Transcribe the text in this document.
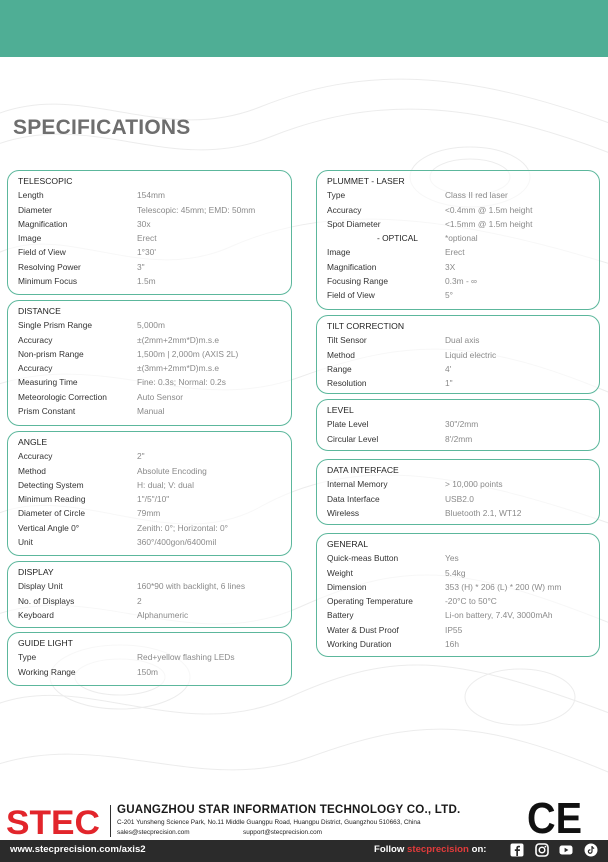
SPECIFICATIONS
TELESCOPIC
Length	154mm
Diameter	Telescopic: 45mm; EMD: 50mm
Magnification	30x
Image	Erect
Field of View	1°30'
Resolving Power	3"
Minimum Focus	1.5m
DISTANCE
Single Prism Range	5,000m
Accuracy	±(2mm+2mm*D)m.s.e
Non-prism Range	1,500m | 2,000m (AXIS 2L)
Accuracy	±(3mm+2mm*D)m.s.e
Measuring Time	Fine: 0.3s; Normal: 0.2s
Meteorologic Correction	Auto Sensor
Prism Constant	Manual
ANGLE
Accuracy	2"
Method	Absolute Encoding
Detecting System	H: dual; V: dual
Minimum Reading	1"/5"/10"
Diameter of Circle	79mm
Vertical Angle 0°	Zenith: 0°; Horizontal: 0°
Unit	360°/400gon/6400mil
DISPLAY
Display Unit	160*90 with backlight, 6 lines
No. of Displays	2
Keyboard	Alphanumeric
GUIDE LIGHT
Type	Red+yellow flashing LEDs
Working Range	150m
PLUMMET - LASER
Type	Class II red laser
Accuracy	<0.4mm @ 1.5m height
Spot Diameter	<1.5mm @ 1.5m height
- OPTICAL	*optional
Image	Erect
Magnification	3X
Focusing Range	0.3m - ∞
Field of View	5°
TILT CORRECTION
Tilt Sensor	Dual axis
Method	Liquid electric
Range	4'
Resolution	1"
LEVEL
Plate Level	30"/2mm
Circular Level	8'/2mm
DATA INTERFACE
Internal Memory	> 10,000 points
Data Interface	USB2.0
Wireless	Bluetooth 2.1, WT12
GENERAL
Quick-meas Button	Yes
Weight	5.4kg
Dimension	353 (H) * 206 (L) * 200 (W) mm
Operating Temperature	-20°C to 50°C
Battery	Li-on battery, 7.4V, 3000mAh
Water & Dust Proof	IP55
Working Duration	16h
STEC GUANGZHOU STAR INFORMATION TECHNOLOGY CO., LTD.
C-201 Yunsheng Science Park, No.11 Middle Guangpu Road, Huangpu District, Guangzhou 510663, China
sales@stecprecision.com	support@stecprecision.com	CE
www.stecprecision.com/axis2	Follow stecprecision on:
